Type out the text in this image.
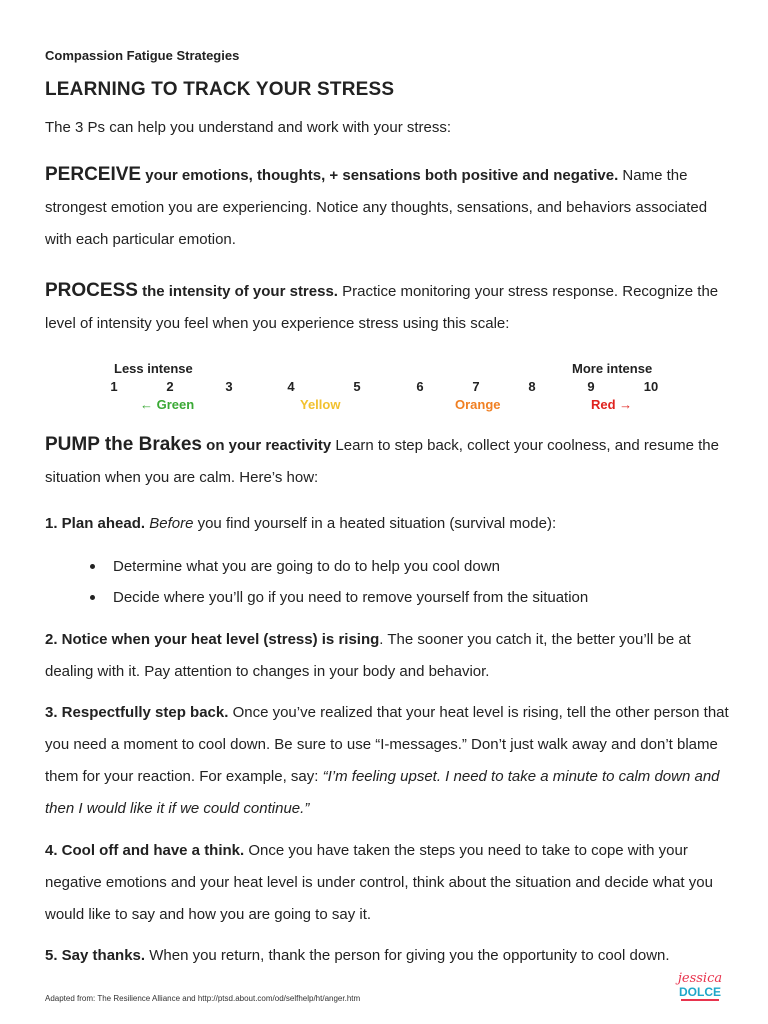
Compassion Fatigue Strategies
LEARNING TO TRACK YOUR STRESS
The 3 Ps can help you understand and work with your stress:
PERCEIVE your emotions, thoughts, + sensations both positive and negative. Name the strongest emotion you are experiencing. Notice any thoughts, sensations, and behaviors associated with each particular emotion.
PROCESS the intensity of your stress. Practice monitoring your stress response. Recognize the level of intensity you feel when you experience stress using this scale:
Less intense	More intense
1	2	3	4	5	6	7	8	9	10
← Green	Yellow	Orange	Red →
PUMP the Brakes on your reactivity Learn to step back, collect your coolness, and resume the situation when you are calm. Here’s how:
1. Plan ahead. Before you find yourself in a heated situation (survival mode):
Determine what you are going to do to help you cool down
Decide where you’ll go if you need to remove yourself from the situation
2. Notice when your heat level (stress) is rising. The sooner you catch it, the better you’ll be at dealing with it. Pay attention to changes in your body and behavior.
3. Respectfully step back. Once you’ve realized that your heat level is rising, tell the other person that you need a moment to cool down. Be sure to use “I-messages.” Don’t just walk away and don’t blame them for your reaction. For example, say: “I’m feeling upset. I need to take a minute to calm down and then I would like it if we could continue.”
4. Cool off and have a think. Once you have taken the steps you need to take to cope with your negative emotions and your heat level is under control, think about the situation and decide what you would like to say and how you are going to say it.
5. Say thanks. When you return, thank the person for giving you the opportunity to cool down.
Adapted from: The Resilience Alliance and http://ptsd.about.com/od/selfhelp/ht/anger.htm
jessica
DOLCE
